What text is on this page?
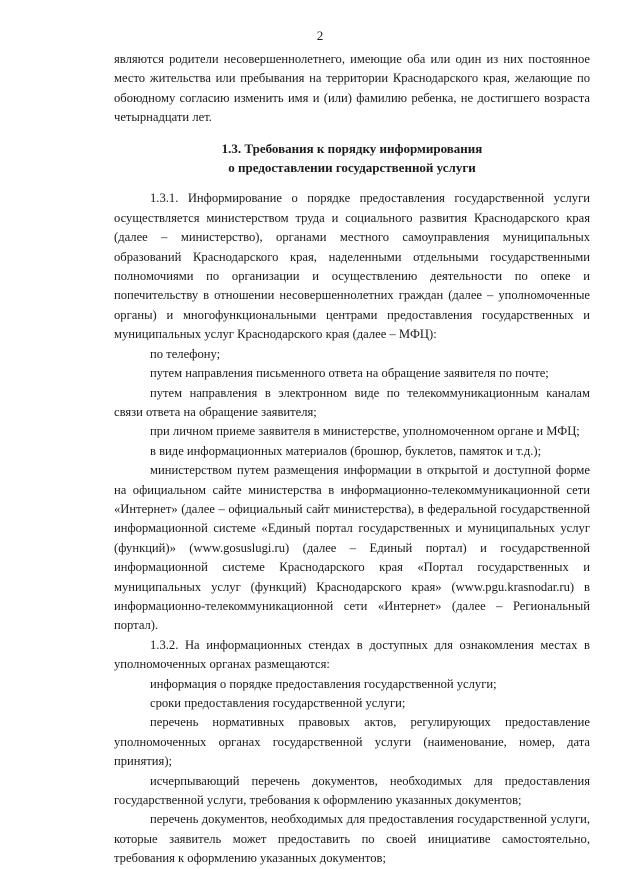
2

являются родители несовершеннолетнего, имеющие оба или один из них постоянное место жительства или пребывания на территории Краснодарского края, желающие по обоюдному согласию изменить имя и (или) фамилию ребенка, не достигшего возраста четырнадцати лет.

1.3. Требования к порядку информирования
о предоставлении государственной услуги

1.3.1. Информирование о порядке предоставления государственной услуги осуществляется министерством труда и социального развития Краснодарского края (далее – министерство), органами местного самоуправления муниципальных образований Краснодарского края, наделенными отдельными государственными полномочиями по организации и осуществлению деятельности по опеке и попечительству в отношении несовершеннолетних граждан (далее – уполномоченные органы) и многофункциональными центрами предоставления государственных и муниципальных услуг Краснодарского края (далее – МФЦ):

по телефону;

путем направления письменного ответа на обращение заявителя по почте;

путем направления в электронном виде по телекоммуникационным каналам связи ответа на обращение заявителя;

при личном приеме заявителя в министерстве, уполномоченном органе и МФЦ;

в виде информационных материалов (брошюр, буклетов, памяток и т.д.);

министерством путем размещения информации в открытой и доступной форме на официальном сайте министерства в информационно-телекоммуникационной сети «Интернет» (далее – официальный сайт министерства), в федеральной государственной информационной системе «Единый портал государственных и муниципальных услуг (функций)» (www.gosuslugi.ru) (далее – Единый портал) и государственной информационной системе Краснодарского края «Портал государственных и муниципальных услуг (функций) Краснодарского края» (www.pgu.krasnodar.ru) в информационно-телекоммуникационной сети «Интернет» (далее – Региональный портал).

1.3.2. На информационных стендах в доступных для ознакомления местах в уполномоченных органах размещаются:

информация о порядке предоставления государственной услуги;

сроки предоставления государственной услуги;

перечень нормативных правовых актов, регулирующих предоставление уполномоченных органах государственной услуги (наименование, номер, дата принятия);

исчерпывающий перечень документов, необходимых для предоставления государственной услуги, требования к оформлению указанных документов;

перечень документов, необходимых для предоставления государственной услуги, которые заявитель может предоставить по своей инициативе самостоятельно, требования к оформлению указанных документов;
